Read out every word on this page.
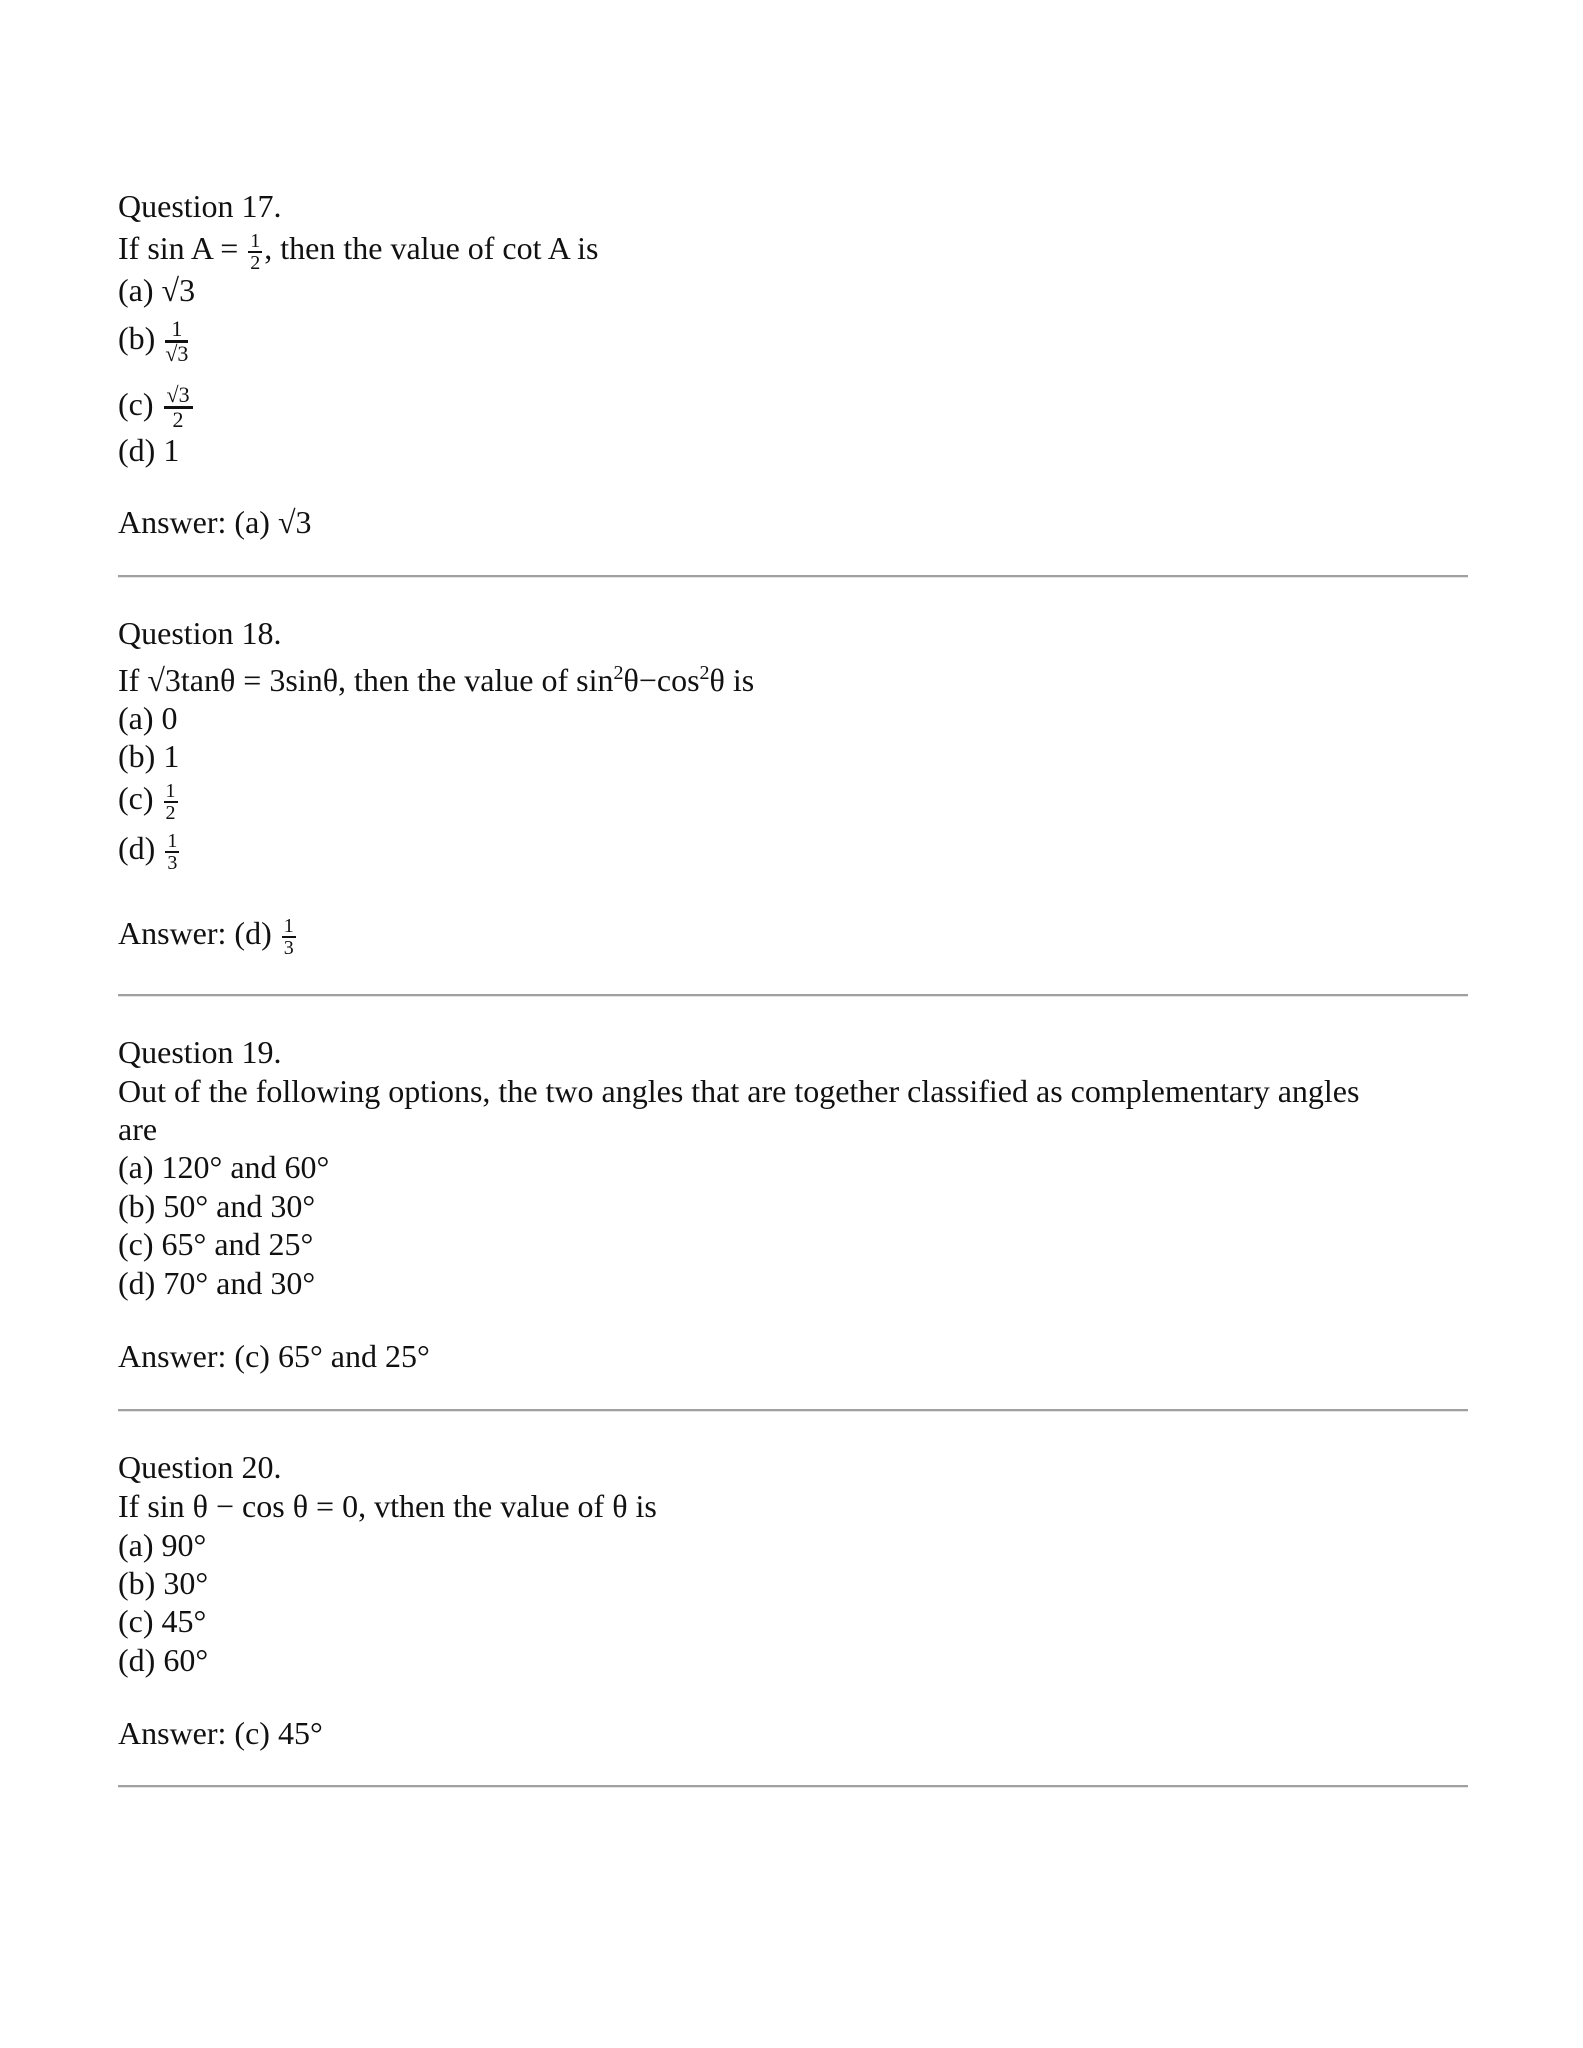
Question 17.
If $\sin A = \frac{1}{2}$ , then the value of cot A is
(a) √3
$(b) \frac{1}{√3}$
$(c) \frac{√3}{2}$
(d) 1
Answer: (a) √3
Question 18.
If √3tanθ = 3sinθ, then the value of $\sin^2\theta-\cos^2\theta$ is
(a) 0
(b) 1
$(c) \frac{1}{2}$
$(d) \frac{1}{3}$
Answer: $(d) \frac{1}{3}$
Question 19.
Out of the following options, the two angles that are together classified as complementary angles
are
(a) 120° and 60°
(b) 50° and 30°
(c) 65° and 25°
(d) 70° and 30°
Answer: (c) 65° and 25°
Question 20.
If sin θ − cos θ = 0, vthen the value of θ is
(a) 90°
(b) 30°
(c) 45°
(d) 60°
Answer: (c) 45°
